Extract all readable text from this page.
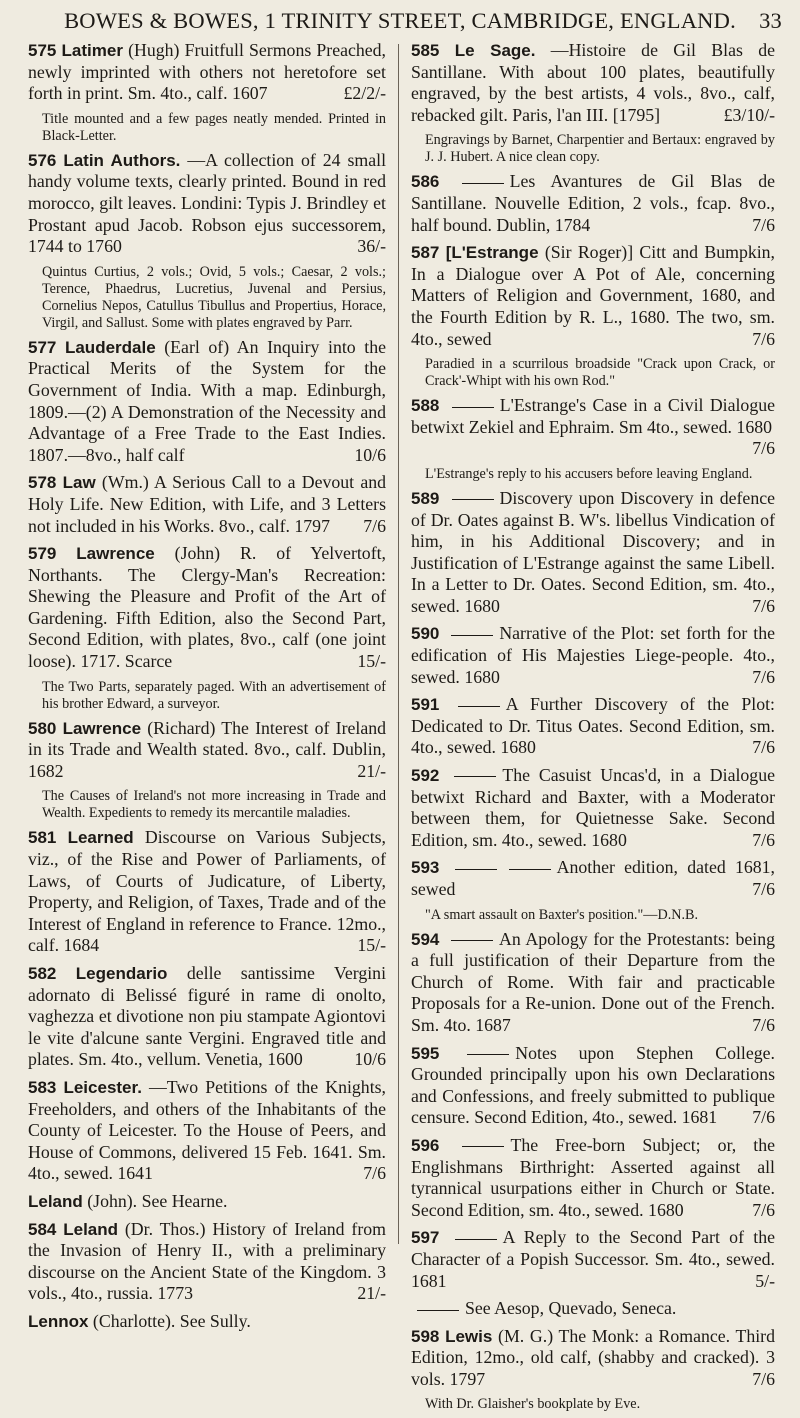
BOWES & BOWES, 1 TRINITY STREET, CAMBRIDGE, ENGLAND. 33
575 Latimer (Hugh) Fruitfull Sermons Preached, newly imprinted with others not heretofore set forth in print. Sm. 4to., calf. 1607	£2/2/-
Title mounted and a few pages neatly mended. Printed in Black-Letter.
576 Latin Authors. —A collection of 24 small handy volume texts, clearly printed. Bound in red morocco, gilt leaves. Londini: Typis J. Brindley et Prostant apud Jacob. Robson ejus successorem, 1744 to 1760	36/-
Quintus Curtius, 2 vols.; Ovid, 5 vols.; Caesar, 2 vols.; Terence, Phaedrus, Lucretius, Juvenal and Persius, Cornelius Nepos, Catullus Tibullus and Propertius, Horace, Virgil, and Sallust. Some with plates engraved by Parr.
577 Lauderdale (Earl of) An Inquiry into the Practical Merits of the System for the Government of India. With a map. Edinburgh, 1809.—(2) A Demonstration of the Necessity and Advantage of a Free Trade to the East Indies. 1807.—8vo., half calf	10/6
578 Law (Wm.) A Serious Call to a Devout and Holy Life. New Edition, with Life, and 3 Letters not included in his Works. 8vo., calf. 1797 7/6
579 Lawrence (John) R. of Yelvertoft, Northants. The Clergy-Man's Recreation: Shewing the Pleasure and Profit of the Art of Gardening. Fifth Edition, also the Second Part, Second Edition, with plates, 8vo., calf (one joint loose). 1717. Scarce	15/-
The Two Parts, separately paged. With an advertisement of his brother Edward, a surveyor.
580 Lawrence (Richard) The Interest of Ireland in its Trade and Wealth stated. 8vo., calf. Dublin, 1682	21/-
The Causes of Ireland's not more increasing in Trade and Wealth. Expedients to remedy its mercantile maladies.
581 Learned Discourse on Various Subjects, viz., of the Rise and Power of Parliaments, of Laws, of Courts of Judicature, of Liberty, Property, and Religion, of Taxes, Trade and of the Interest of England in reference to France. 12mo., calf. 1684	15/-
582 Legendario delle santissime Vergini adornato di Belissé figuré in rame di onolto, vaghezza et divotione non piu stampate Agiontovi le vite d'alcune sante Vergini. Engraved title and plates. Sm. 4to., vellum. Venetia, 1600	10/6
583 Leicester. —Two Petitions of the Knights, Freeholders, and others of the Inhabitants of the County of Leicester. To the House of Peers, and House of Commons, delivered 15 Feb. 1641. Sm. 4to., sewed. 1641	7/6
Leland (John). See Hearne.
584 Leland (Dr. Thos.) History of Ireland from the Invasion of Henry II., with a preliminary discourse on the Ancient State of the Kingdom. 3 vols., 4to., russia. 1773	21/-
Lennox (Charlotte). See Sully.
585 Le Sage. —Histoire de Gil Blas de Santillane. With about 100 plates, beautifully engraved, by the best artists, 4 vols., 8vo., calf, rebacked gilt. Paris, l'an III. [1795]	£3/10/-
Engravings by Barnet, Charpentier and Bertaux: engraved by J. J. Hubert. A nice clean copy.
586	Les Avantures de Gil Blas de Santillane. Nouvelle Edition, 2 vols., fcap. 8vo., half bound. Dublin, 1784	7/6
587 [L'Estrange (Sir Roger)] Citt and Bumpkin, In a Dialogue over A Pot of Ale, concerning Matters of Religion and Government, 1680, and the Fourth Edition by R. L., 1680. The two, sm. 4to., sewed	7/6
Paradied in a scurrilous broadside "Crack upon Crack, or Crack'-Whipt with his own Rod."
588	L'Estrange's Case in a Civil Dialogue betwixt Zekiel and Ephraim. Sm 4to., sewed. 1680
7/6
L'Estrange's reply to his accusers before leaving England.
589	Discovery upon Discovery in defence of Dr. Oates against B. W's. libellus Vindication of him, in his Additional Discovery; and in Justification of L'Estrange against the same Libell. In a Letter to Dr. Oates. Second Edition, sm. 4to., sewed. 1680	7/6
590	Narrative of the Plot: set forth for the edification of His Majesties Liege-people. 4to., sewed. 1680	7/6
591	A Further Discovery of the Plot: Dedicated to Dr. Titus Oates. Second Edition, sm. 4to., sewed. 1680	7/6
592	The Casuist Uncas'd, in a Dialogue betwixt Richard and Baxter, with a Moderator between them, for Quietnesse Sake. Second Edition, sm. 4to., sewed. 1680	7/6
593	Another edition, dated 1681, sewed	7/6
"A smart assault on Baxter's position."—D.N.B.
594	An Apology for the Protestants: being a full justification of their Departure from the Church of Rome. With fair and practicable Proposals for a Re-union. Done out of the French. Sm. 4to. 1687	7/6
595	Notes upon Stephen College. Grounded principally upon his own Declarations and Confessions, and freely submitted to publique censure. Second Edition, 4to., sewed. 1681 7/6
596	The Free-born Subject; or, the Englishmans Birthright: Asserted against all tyrannical usurpations either in Church or State. Second Edition, sm. 4to., sewed. 1680	7/6
597	A Reply to the Second Part of the Character of a Popish Successor. Sm. 4to., sewed. 1681	5/-
See Aesop, Quevado, Seneca.
598 Lewis (M. G.) The Monk: a Romance. Third Edition, 12mo., old calf, (shabby and cracked). 3 vols. 1797	7/6
With Dr. Glaisher's bookplate by Eve.
